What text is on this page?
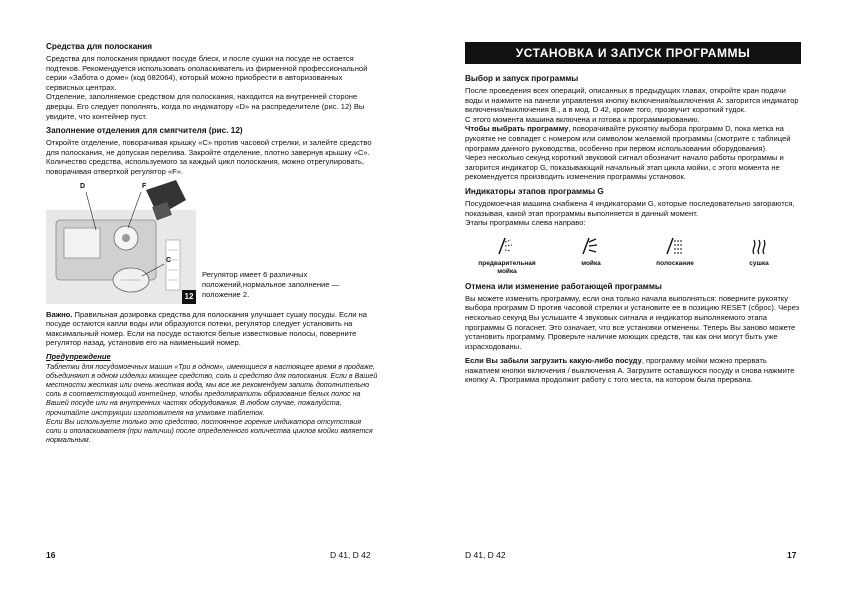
Средства для полоскания

Средства для полоскания придают посуде блеск, и после сушки на посуде не остается подтеков. Рекомендуется использовать ополаскиватель из фирменной профессиональной серии «Забота о доме» (код 082064), который можно приобрести в авторизованных сервисных центрах.

Отделение, заполняемое средством для полоскания, находится на внутренней стороне дверцы. Его следует пополнять, когда по индикатору «D» на распределителе (рис. 12) Вы увидите, что контейнер пуст.

Заполнение отделения для смягчителя (рис. 12)

Откройте отделение, поворачивая крышку «C» против часовой стрелки, и залейте средство для полоскания, не допуская перелива. Закройте отделение, плотно завернув крышку «C». Количество средства, используемого за каждый цикл полоскания, можно отрегулировать, поворачивая отверткой регулятор «F».

D	F
C
12

Регулятор имеет 6 различных положений,нормальное заполнение — положение 2.

Важно. Правильная дозировка средства для полоскания улучшает сушку посуды. Если на посуде остаются капли воды или образуются потеки, регулятор следует установить на максимальный номер. Если на посуде остаются белые известковые полосы, поверните регулятор назад, установив его на наименьший номер.

Предупреждение

Таблетки для посудомоечных машин «Три в одном», имеющиеся в настоящее время в продаже, объединяют в одном изделии моющее средство, соль и средство для полоскания. Если в Вашей местности жесткая или очень жесткая вода, мы все же рекомендуем запить дополнительно соль в соответствующий контейнер, чтобы предотвратить образование белых полос на Вашей посуде или на внутренних частях оборудования. В любом случае, пожалуйста, прочитайте инструкции изготовителя на упаковке таблеток.

Если Вы используете только это средство, постоянное горение индикатора отсутствия соли и ополаскивателя (при наличии) после определенного количества циклов мойки является нормальным.

16	D 41, D 42
УСТАНОВКА И ЗАПУСК ПРОГРАММЫ
Выбор и запуск программы

После проведения всех операций, описанных в предыдущих главах, откройте кран подачи воды и нажмите на панели управления кнопку включения/выключения A: загорится индикатор включения/выключения B., а в мод. D 42, кроме того, прозвучит короткий гудок.

С этого момента машина включена и готова к программированию.

Чтобы выбрать программу, поворачивайте рукоятку выбора программ D, пока метка на рукоятке не совпадет с номером или символом желаемой программы (смотрите с таблицей программ данного руководства, особенно при первом использовании оборудования).

Через несколько секунд короткий звуковой сигнал обозначит начало работы программы и загорится индикатор G, показывающий начальный этап цикла мойки, с этого момента не рекомендуется производить изменения программы установок.

Индикаторы этапов программы G

Посудомоечная машина снабжена 4 индикаторами G, которые последовательно загораются, показывая, какой этап программы выполняется в данный момент.

Этапы программы слева направо:

предварительная мойка
мойка	полоскание	сушка
Отмена или изменение работающей программы

Вы можете изменить программу, если она только начала выполняться: поверните рукоятку выбора программ D против часовой стрелки и установите ее в позицию RESET (сброс). Через несколько секунд Вы услышите 4 звуковых сигнала и индикатор выполняемого этапа программы G погаснет. Это означает, что все установки отменены. Теперь Вы заново можете установить программу. Проверьте наличие моющих средств, так как они могут быть уже израсходованы.

Если Вы забыли загрузить какую-либо посуду, программу мойки можно прервать нажатием кнопки включения / выключения A. Загрузите оставшуюся посуду и снова нажмите кнопку A. Программа продолжит работу с того места, на котором была прервана.

D 41, D 42	17
